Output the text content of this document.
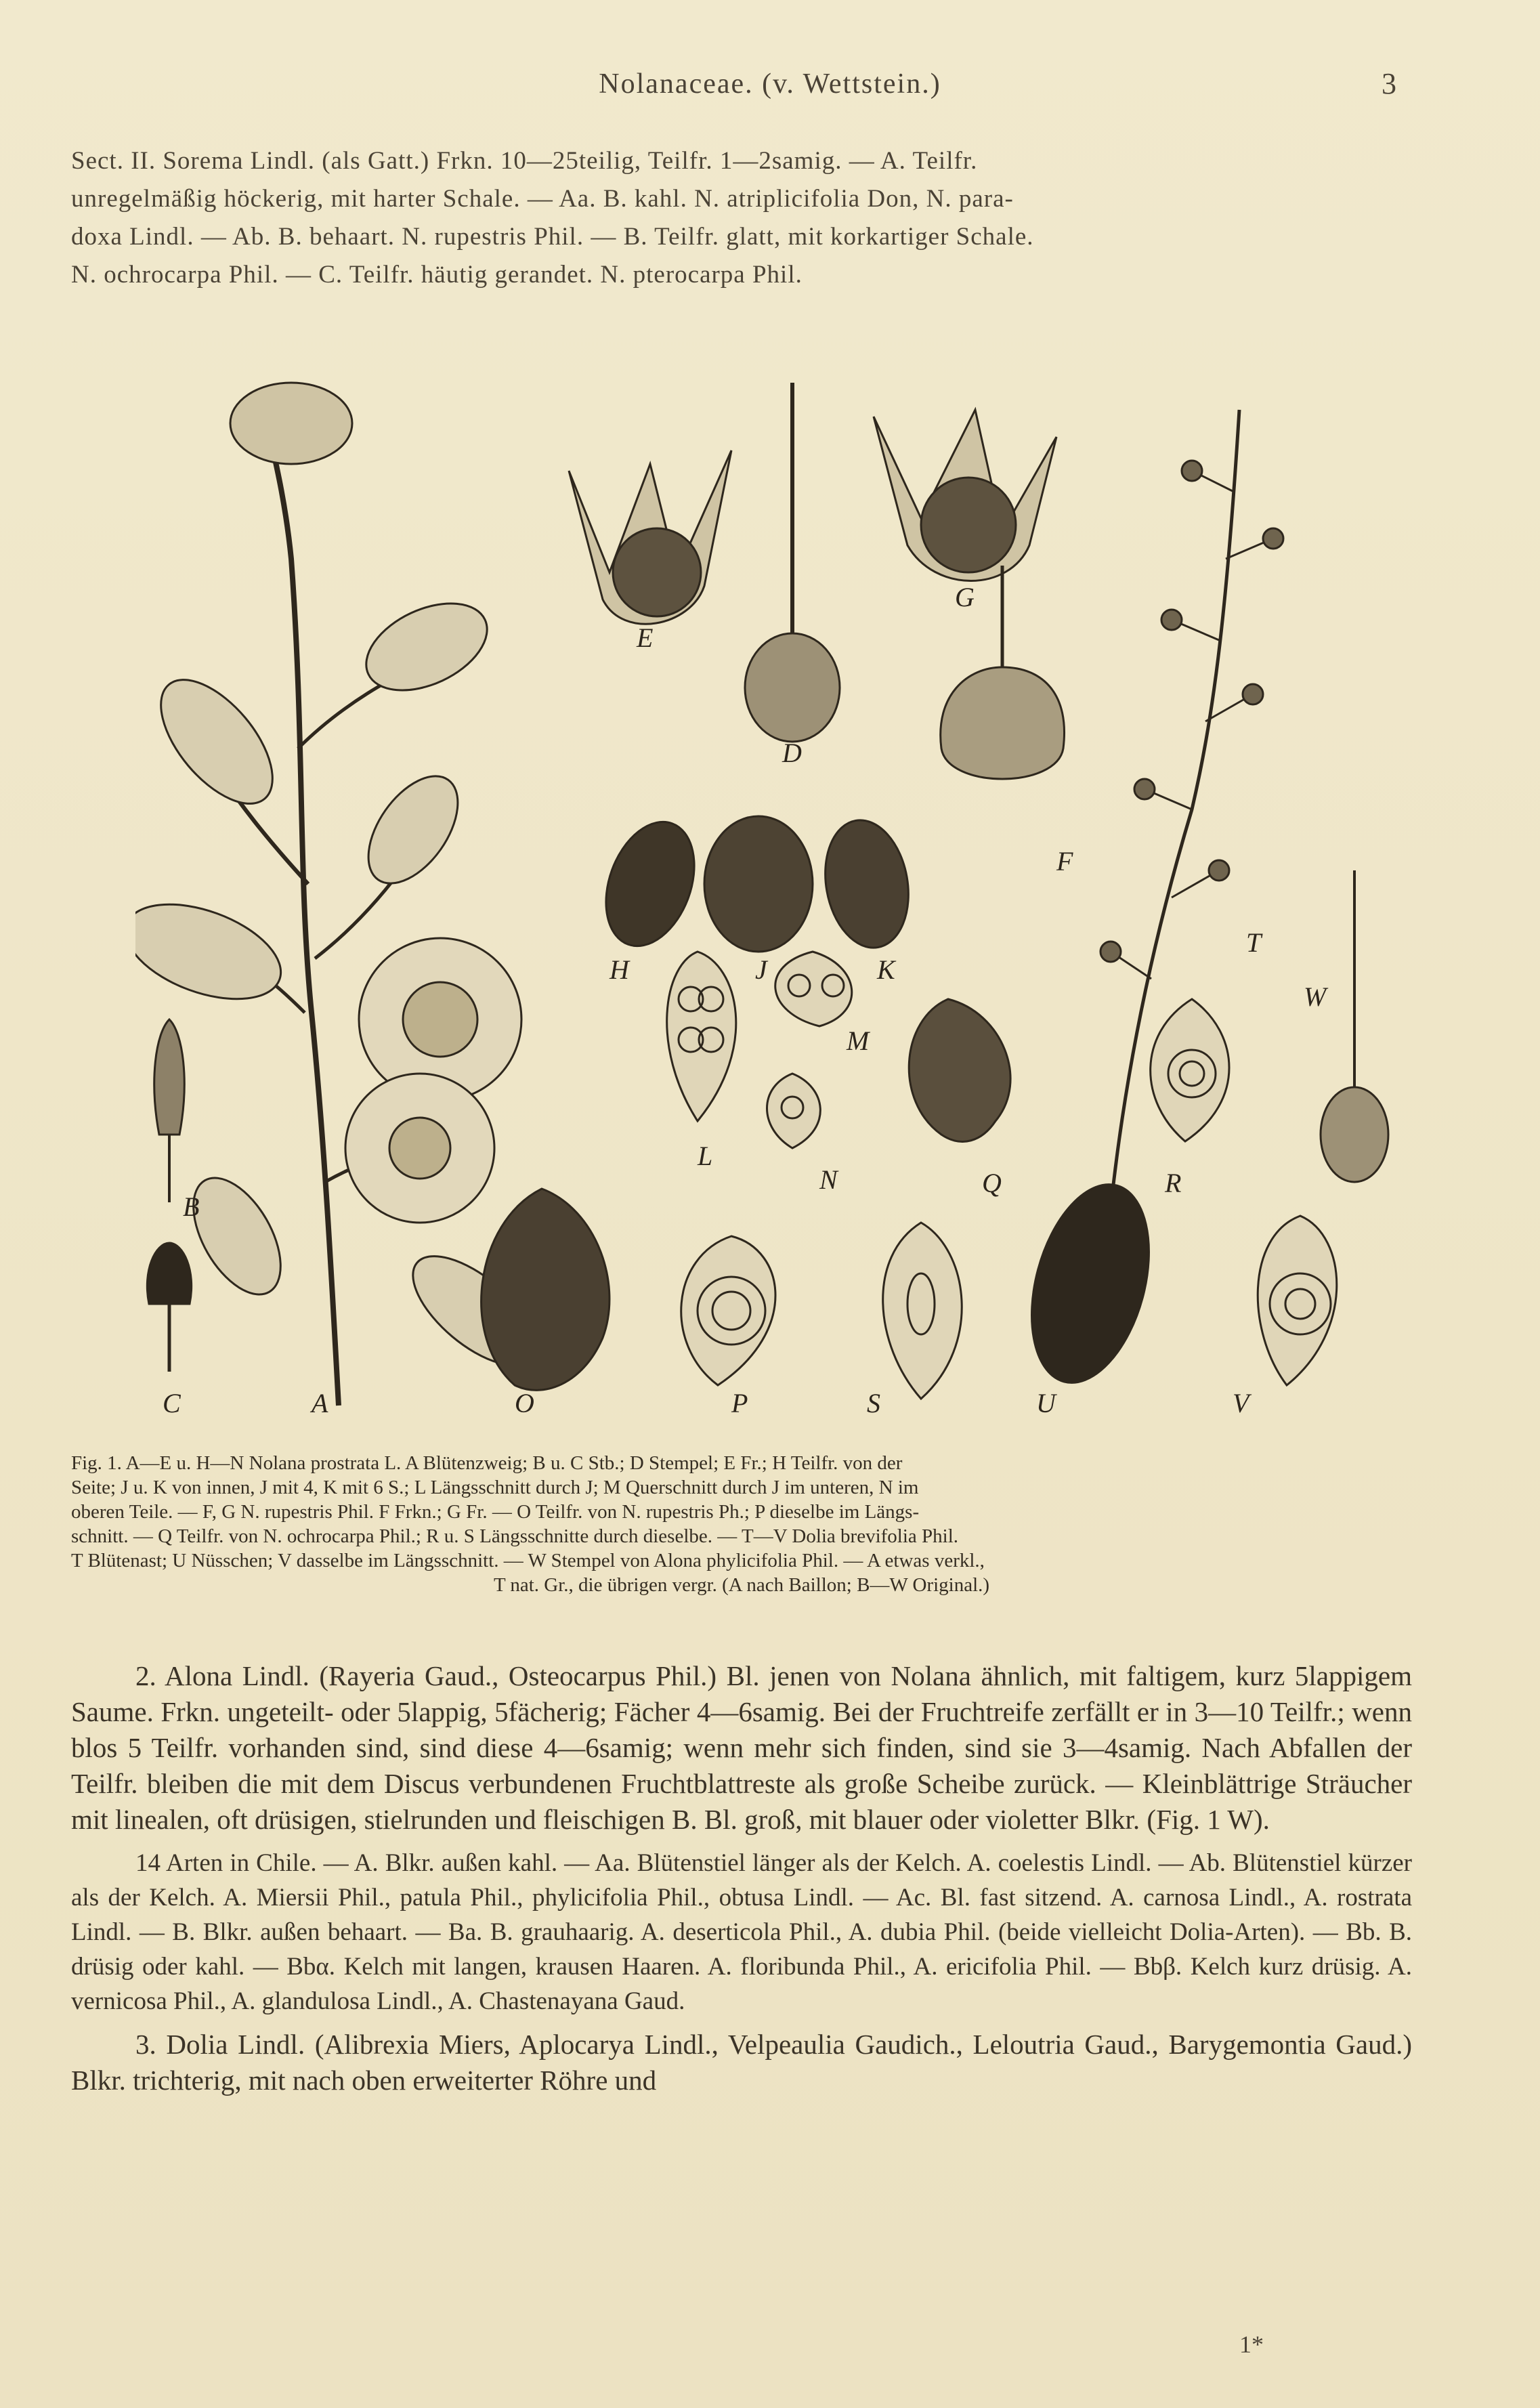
Nolanaceae. (v. Wettstein.)	3
Sect. II. Sorema Lindl. (als Gatt.) Frkn. 10—25teilig, Teilfr. 1—2samig. — A. Teilfr.
unregelmäßig höckerig, mit harter Schale. — Aa. B. kahl. N. atriplicifolia Don, N. para-
doxa Lindl. — Ab. B. behaart. N. rupestris Phil. — B. Teilfr. glatt, mit korkartiger Schale.
N. ochrocarpa Phil. — C. Teilfr. häutig gerandet. N. pterocarpa Phil.
B
C	A
D
E
F
G
H	J	K
L
M
N
O	P
Q	R
S
T
U	V
W
Fig. 1. A—E u. H—N Nolana prostrata L. A Blütenzweig; B u. C Stb.; D Stempel; E Fr.; H Teilfr. von der
Seite; J u. K von innen, J mit 4, K mit 6 S.; L Längsschnitt durch J; M Querschnitt durch J im unteren, N im
oberen Teile. — F, G N. rupestris Phil. F Frkn.; G Fr. — O Teilfr. von N. rupestris Ph.; P dieselbe im Längs-
schnitt. — Q Teilfr. von N. ochrocarpa Phil.; R u. S Längsschnitte durch dieselbe. — T—V Dolia brevifolia Phil.
T Blütenast; U Nüsschen; V dasselbe im Längsschnitt. — W Stempel von Alona phylicifolia Phil. — A etwas verkl.,
T nat. Gr., die übrigen vergr. (A nach Baillon; B—W Original.)

2. Alona Lindl. (Rayeria Gaud., Osteocarpus Phil.) Bl. jenen von Nolana ähnlich, mit faltigem, kurz 5lappigem Saume. Frkn. ungeteilt- oder 5lappig, 5fächerig; Fächer 4—6samig. Bei der Fruchtreife zerfällt er in 3—10 Teilfr.; wenn blos 5 Teilfr. vorhanden sind, sind diese 4—6samig; wenn mehr sich finden, sind sie 3—4samig. Nach Abfallen der Teilfr. bleiben die mit dem Discus verbundenen Fruchtblattreste als große Scheibe zurück. — Kleinblättrige Sträucher mit linealen, oft drüsigen, stielrunden und fleischigen B. Bl. groß, mit blauer oder violetter Blkr. (Fig. 1 W).

14 Arten in Chile. — A. Blkr. außen kahl. — Aa. Blütenstiel länger als der Kelch. A. coelestis Lindl. — Ab. Blütenstiel kürzer als der Kelch. A. Miersii Phil., patula Phil., phylicifolia Phil., obtusa Lindl. — Ac. Bl. fast sitzend. A. carnosa Lindl., A. rostrata Lindl. — B. Blkr. außen behaart. — Ba. B. grauhaarig. A. deserticola Phil., A. dubia Phil. (beide vielleicht Dolia-Arten). — Bb. B. drüsig oder kahl. — Bbα. Kelch mit langen, krausen Haaren. A. floribunda Phil., A. ericifolia Phil. — Bbβ. Kelch kurz drüsig. A. vernicosa Phil., A. glandulosa Lindl., A. Chastenayana Gaud.

3. Dolia Lindl. (Alibrexia Miers, Aplocarya Lindl., Velpeaulia Gaudich., Leloutria Gaud., Barygemontia Gaud.) Blkr. trichterig, mit nach oben erweiterter Röhre und

1*
